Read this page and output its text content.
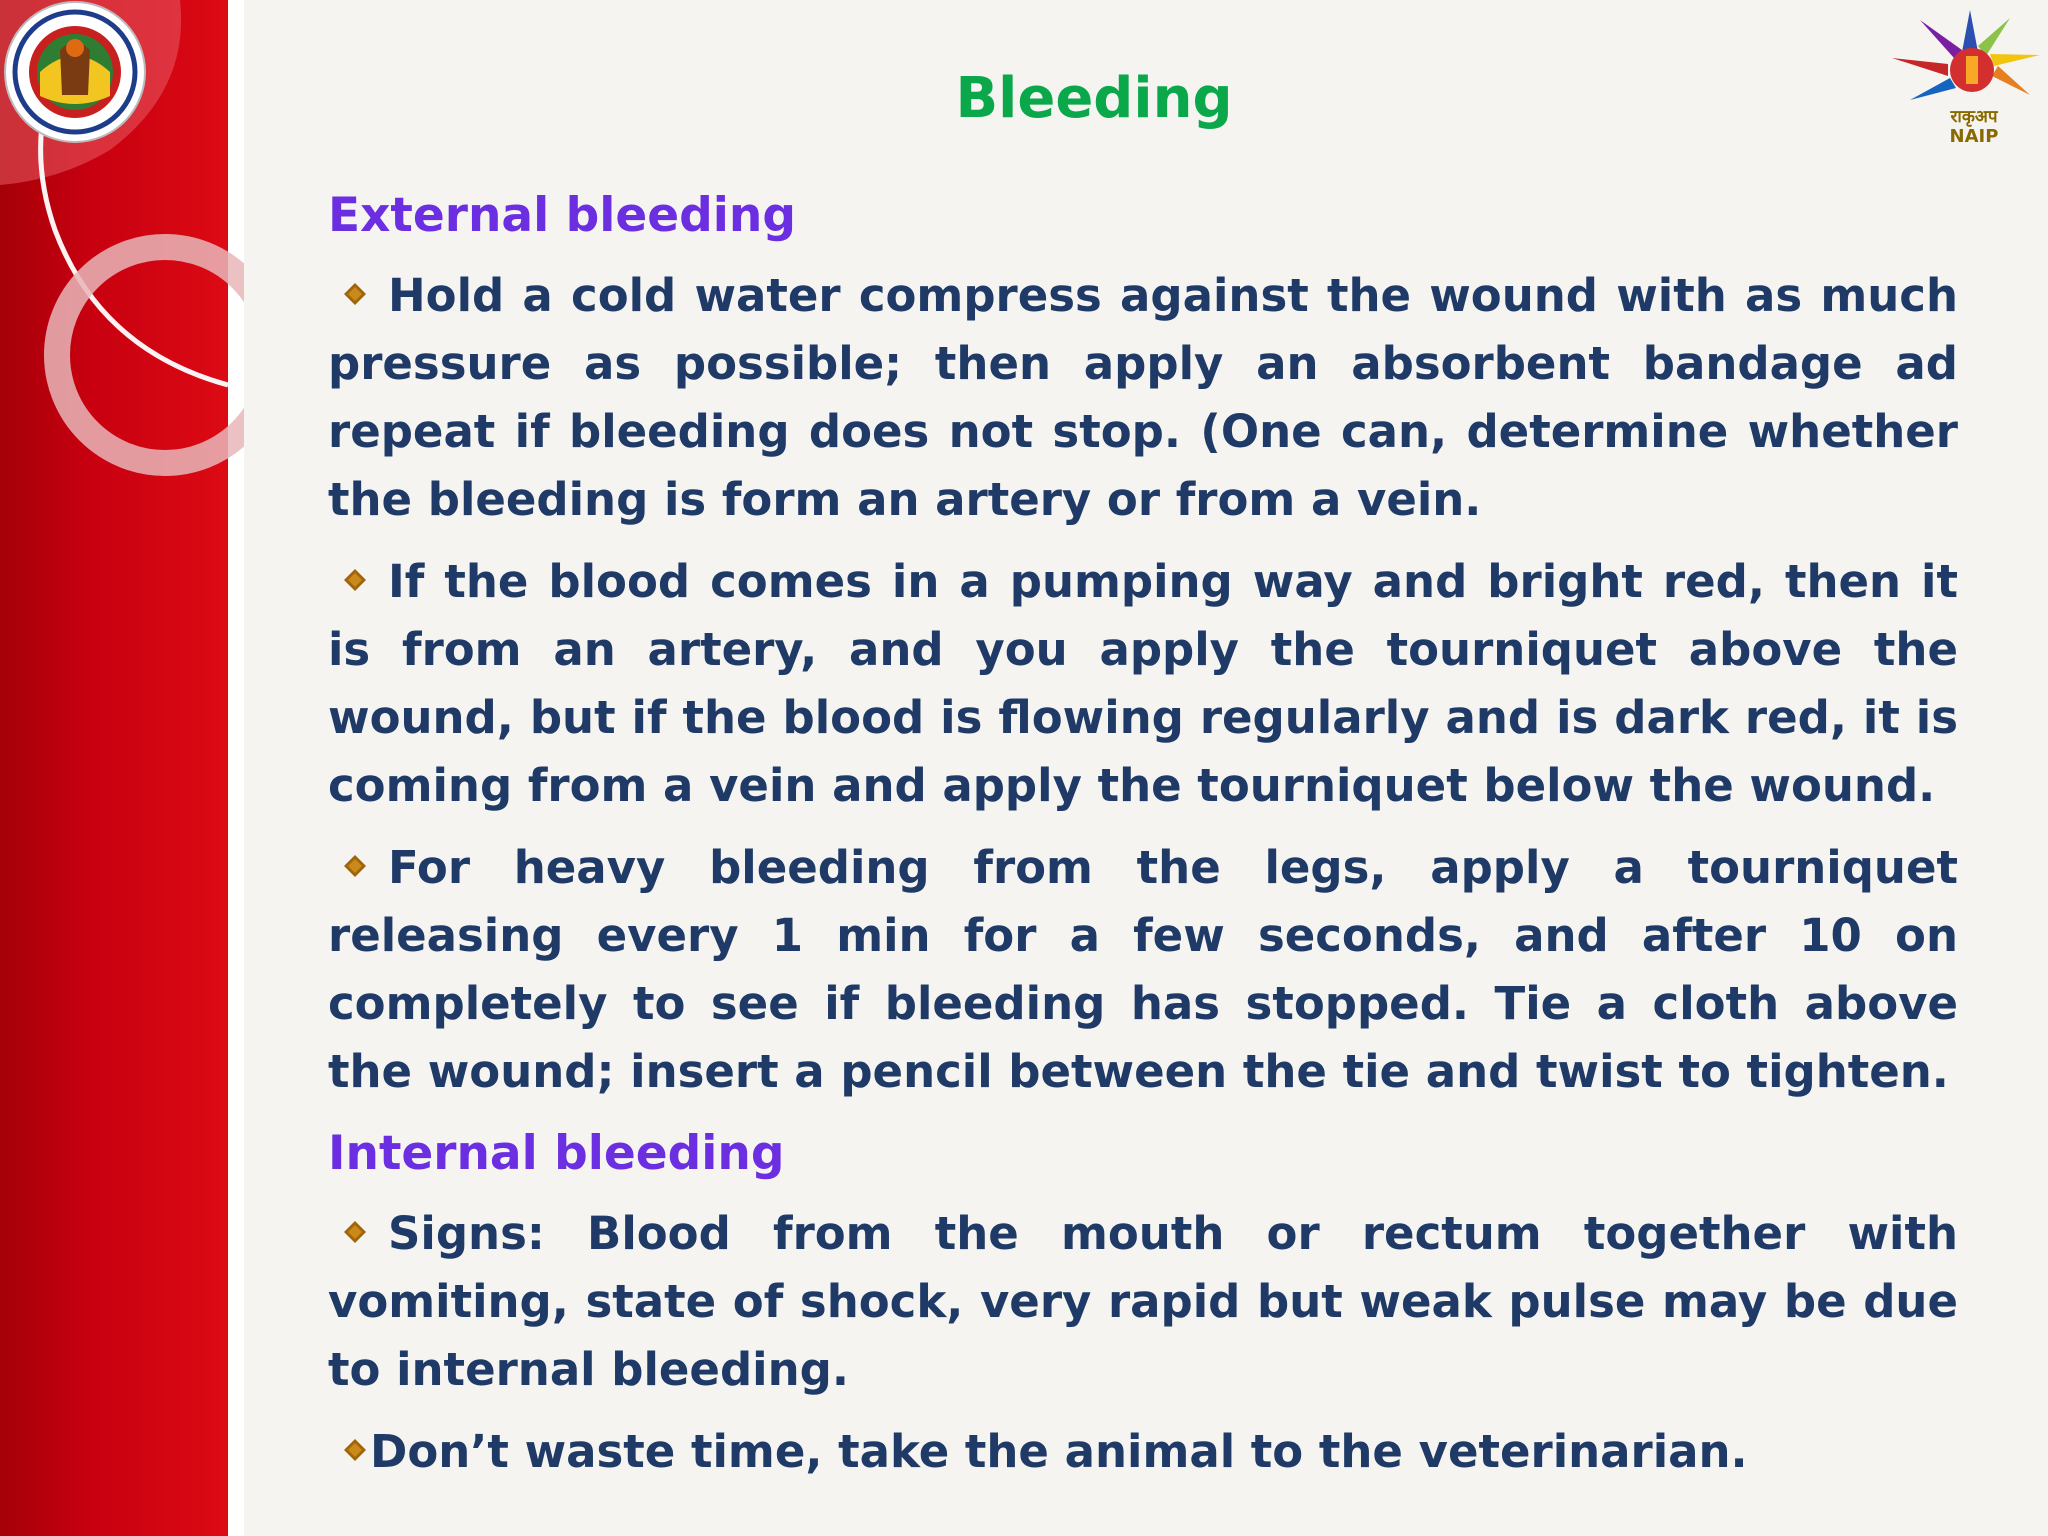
राकृअप
NAIP
Bleeding
External bleeding
Hold a cold water compress against the wound with as much pressure as possible; then apply an absorbent bandage ad repeat if bleeding does not stop. (One can, determine whether the bleeding is form an artery or from a vein.
If the blood comes in a pumping way and bright red, then it is from an artery, and you apply the tourniquet above the wound, but if the blood is flowing regularly and is dark red, it is coming from a vein and apply the tourniquet below the wound.
For heavy bleeding from the legs, apply a tourniquet releasing every 1 min for a few seconds, and after 10 on completely to see if bleeding has stopped. Tie a cloth above the wound; insert a pencil between the tie and twist to tighten.
Internal bleeding
Signs: Blood from the mouth or rectum together with vomiting, state of shock, very rapid but weak pulse may be due to internal bleeding.
Don’t waste time, take the animal to the veterinarian.
